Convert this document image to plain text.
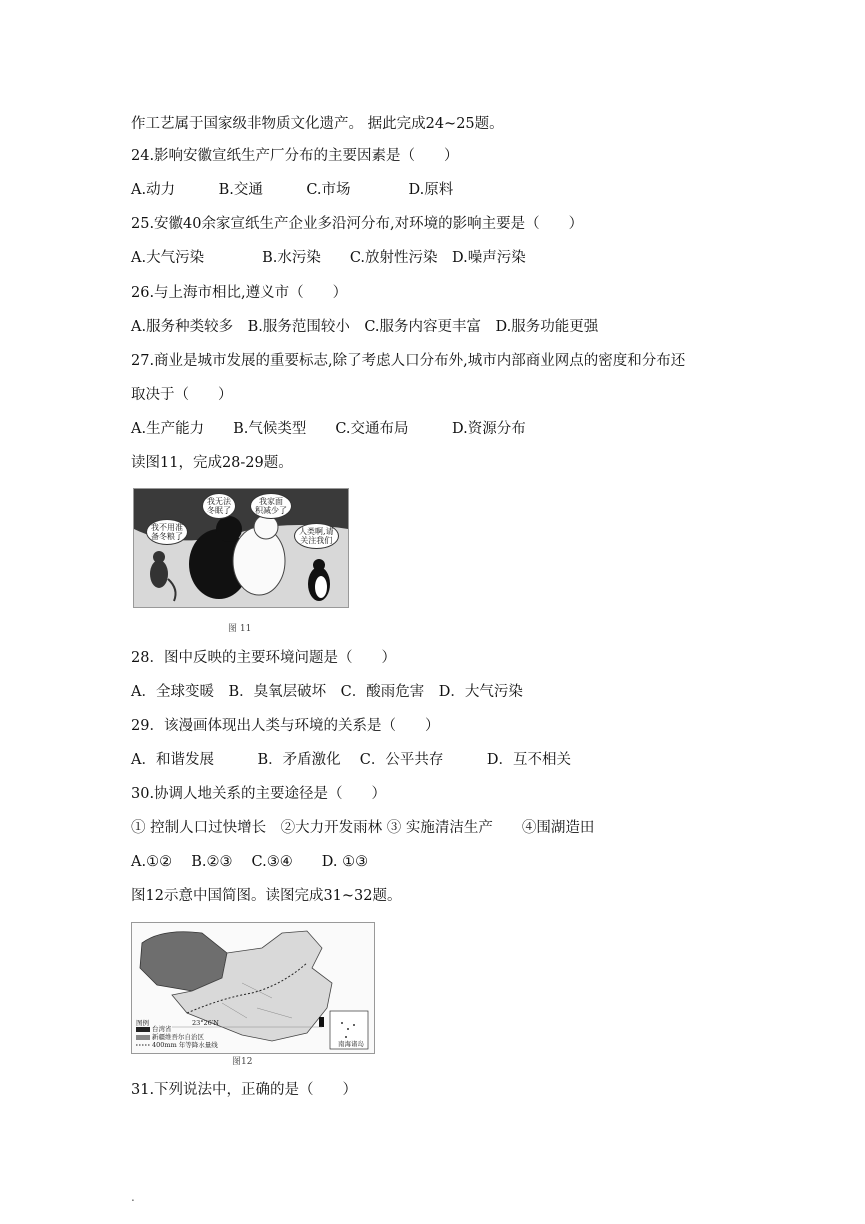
作工艺属于国家级非物质文化遗产。 据此完成24~25题。
24.影响安徽宣纸生产厂分布的主要因素是（　　）
A.动力　　　B.交通　　　C.市场　　　　D.原料
25.安徽40余家宣纸生产企业多沿河分布,对环境的影响主要是（　　）
A.大气污染　　　　B.水污染　　C.放射性污染　D.噪声污染
26.与上海市相比,遵义市（　　）
A.服务种类较多　B.服务范围较小　C.服务内容更丰富　D.服务功能更强
27.商业是城市发展的重要标志,除了考虑人口分布外,城市内部商业网点的密度和分布还
取决于（　　）
A.生产能力　　B.气候类型　　C.交通布局　　　D.资源分布
读图11，完成28-29题。
我无法
冬眠了
我家面
积减少了
我不用准
备冬粮了
人类啊,请
关注我们
图 11
28．图中反映的主要环境问题是（　　）
A．全球变暖　B．臭氧层破坏　C．酸雨危害　D．大气污染
29．该漫画体现出人类与环境的关系是（　　）
A．和谐发展　　　B．矛盾激化　 C．公平共存　　　D．互不相关
30.协调人地关系的主要途径是（　　）
① 控制人口过快增长　②大力开发雨林 ③ 实施清洁生产　　④围湖造田
A.①②　 B.②③　 C.③④　　D. ①③
图12示意中国简图。读图完成31~32题。
图例
台湾省
新疆维吾尔自治区
400mm 年等降水量线
23°26′N
南海诸岛
图12
31.下列说法中，正确的是（　　）
.
